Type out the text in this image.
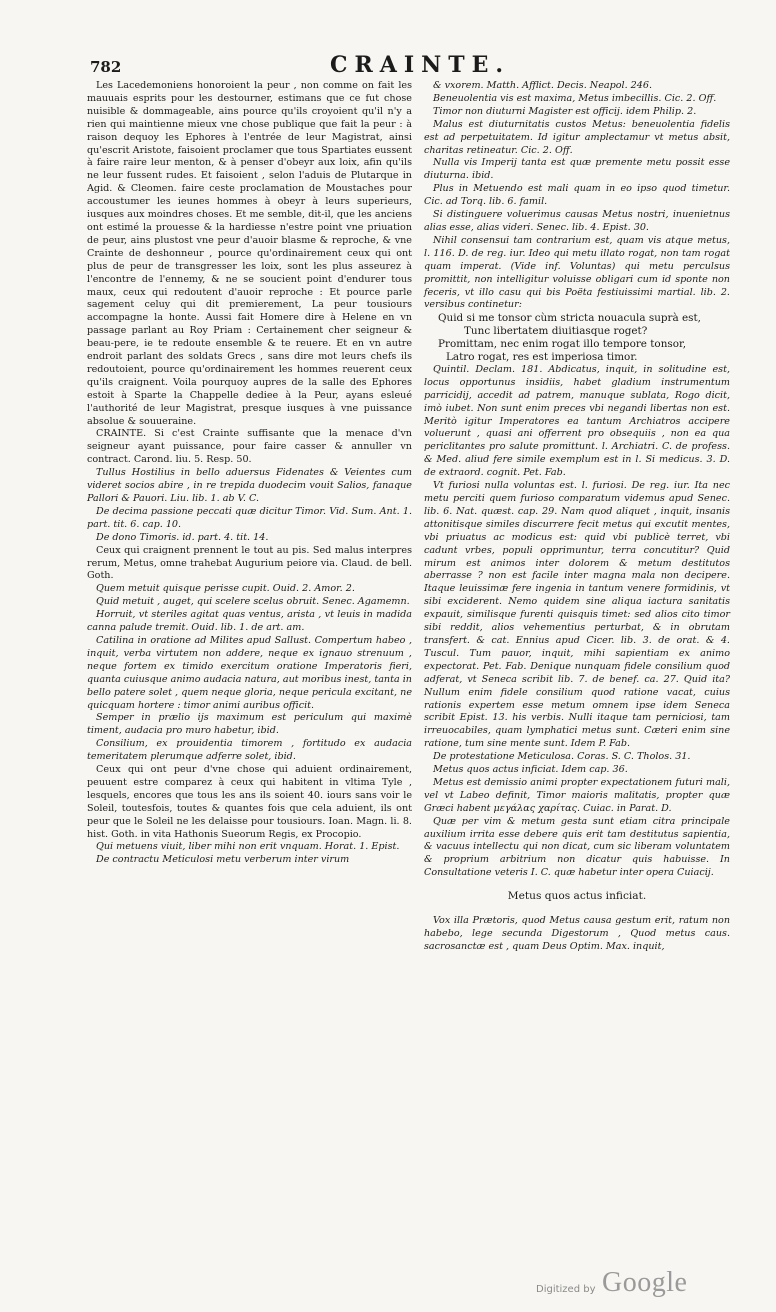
782	CRAINTE.

Les Lacedemoniens honoroient la peur , non comme on fait les mauuais esprits pour les destourner, estimans que ce fut chose nuisible & dommageable, ains pource qu'ils croyoient qu'il n'y a rien qui maintienne mieux vne chose publique que fait la peur : à raison dequoy les Ephores à l'entrée de leur Magistrat, ainsi qu'escrit Aristote, faisoient proclamer que tous Spartiates eussent à faire raire leur menton, & à penser d'obeyr aux loix, afin qu'ils ne leur fussent rudes. Et faisoient , selon l'aduis de Plutarque in Agid. & Cleomen. faire ceste proclamation de Moustaches pour accoustumer les ieunes hommes à obeyr à leurs superieurs, iusques aux moindres choses. Et me semble, dit-il, que les anciens ont estimé la prouesse & la hardiesse n'estre point vne priuation de peur, ains plustost vne peur d'auoir blasme & reproche, & vne Crainte de deshonneur , pource qu'ordinairement ceux qui ont plus de peur de transgresser les loix, sont les plus asseurez à l'encontre de l'ennemy, & ne se soucient point d'endurer tous maux, ceux qui redoutent d'auoir reproche : Et pource parle sagement celuy qui dit premierement, La peur tousiours accompagne la honte. Aussi fait Homere dire à Helene en vn passage parlant au Roy Priam : Certainement cher seigneur & beau-pere, ie te redoute ensemble & te reuere. Et en vn autre endroit parlant des soldats Grecs , sans dire mot leurs chefs ils redoutoient, pource qu'ordinairement les hommes reuerent ceux qu'ils craignent. Voila pourquoy aupres de la salle des Ephores estoit à Sparte la Chappelle dediee à la Peur, ayans esleué l'authorité de leur Magistrat, presque iusques à vne puissance absolue & souueraine.

CRAINTE. Si c'est Crainte suffisante que la menace d'vn seigneur ayant puissance, pour faire casser & annuller vn contract. Carond. liu. 5. Resp. 50.

Tullus Hostilius in bello aduersus Fidenates & Veientes cum videret socios abire , in re trepida duodecim vouit Salios, fanaque Pallori & Pauori. Liu. lib. 1. ab V. C.

De decima passione peccati quæ dicitur Timor. Vid. Sum. Ant. 1. part. tit. 6. cap. 10.

De dono Timoris. id. part. 4. tit. 14.

Ceux qui craignent prennent le tout au pis. Sed malus interpres rerum, Metus, omne trahebat Augurium peiore via. Claud. de bell. Goth.

Quem metuit quisque perisse cupit. Ouid. 2. Amor. 2.

Quid metuit , auget, qui scelere scelus obruit. Senec. Agamemn.

Horruit, vt steriles agitat quas ventus, arista , vt leuis in madida canna palude tremit. Ouid. lib. 1. de art. am.

Catilina in oratione ad Milites apud Sallust. Compertum habeo , inquit, verba virtutem non addere, neque ex ignauo strenuum , neque fortem ex timido exercitum oratione Imperatoris fieri, quanta cuiusque animo audacia natura, aut moribus inest, tanta in bello patere solet , quem neque gloria, neque pericula excitant, ne quicquam hortere : timor animi auribus officit.

Semper in prælio ijs maximum est periculum qui maximè timent, audacia pro muro habetur, ibid.

Consilium, ex prouidentia timorem , fortitudo ex audacia temeritatem plerumque adferre solet, ibid.

Ceux qui ont peur d'vne chose qui aduient ordinairement, peuuent estre comparez à ceux qui habitent in vltima Tyle , lesquels, encores que tous les ans ils soient 40. iours sans voir le Soleil, toutesfois, toutes & quantes fois que cela aduient, ils ont peur que le Soleil ne les delaisse pour tousiours. Ioan. Magn. li. 8. hist. Goth. in vita Hathonis Sueorum Regis, ex Procopio.

Qui metuens viuit, liber mihi non erit vnquam. Horat. 1. Epist.

De contractu Meticulosi metu verberum inter virum

& vxorem. Matth. Afflict. Decis. Neapol. 246.

Beneuolentia vis est maxima, Metus imbecillis. Cic. 2. Off.

Timor non diuturni Magister est officij. idem Philip. 2.

Malus est diuturnitatis custos Metus: beneuolentia fidelis est ad perpetuitatem. Id igitur amplectamur vt metus absit, charitas retineatur. Cic. 2. Off.

Nulla vis Imperij tanta est quæ premente metu possit esse diuturna. ibid.

Plus in Metuendo est mali quam in eo ipso quod timetur. Cic. ad Torq. lib. 6. famil.

Si distinguere voluerimus causas Metus nostri, inuenietnus alias esse, alias videri. Senec. lib. 4. Epist. 30.

Nihil consensui tam contrarium est, quam vis atque metus, l. 116. D. de reg. iur. Ideo qui metu illato rogat, non tam rogat quam imperat. (Vide inf. Voluntas) qui metu perculsus promittit, non intelligitur voluisse obligari cum id sponte non feceris, vt illo casu qui bis Poëta festiuissimi martial. lib. 2. versibus continetur:

Quid si me tonsor cùm stricta nouacula suprà est,

Tunc libertatem diuitiasque roget?

Promittam, nec enim rogat illo tempore tonsor,

Latro rogat, res est imperiosa timor.

Quintil. Declam. 181. Abdicatus, inquit, in solitudine est, locus opportunus insidiis, habet gladium instrumentum parricidij, accedit ad patrem, manuque sublata, Rogo dicit, imò iubet. Non sunt enim preces vbi negandi libertas non est. Meritò igitur Imperatores ea tantum Archiatros accipere voluerunt , quasi ani offerrent pro obsequiis , non ea qua periclitantes pro salute promittunt. l. Archiatri. C. de profess. & Med. aliud fere simile exemplum est in l. Si medicus. 3. D. de extraord. cognit. Pet. Fab.

Vt furiosi nulla voluntas est. l. furiosi. De reg. iur. Ita nec metu perciti quem furioso comparatum videmus apud Senec. lib. 6. Nat. quæst. cap. 29. Nam quod aliquet , inquit, insanis attonitisque similes discurrere fecit metus qui excutit mentes, vbi priuatus ac modicus est: quid vbi publicè terret, vbi cadunt vrbes, populi opprimuntur, terra concutitur? Quid mirum est animos inter dolorem & metum destitutos aberrasse ? non est facile inter magna mala non decipere. Itaque leuissimæ fere ingenia in tantum venere formidinis, vt sibi exciderent. Nemo quidem sine aliqua iactura sanitatis expauit, similisque furenti quisquis timet: sed alios cito timor sibi reddit, alios vehementius perturbat, & in obrutam transfert. & cat. Ennius apud Cicer. lib. 3. de orat. & 4. Tuscul. Tum pauor, inquit, mihi sapientiam ex animo expectorat. Pet. Fab. Denique nunquam fidele consilium quod adferat, vt Seneca scribit lib. 7. de benef. ca. 27. Quid ita? Nullum enim fidele consilium quod ratione vacat, cuius rationis expertem esse metum omnem ipse idem Seneca scribit Epist. 13. his verbis. Nulli itaque tam perniciosi, tam irreuocabiles, quam lymphatici metus sunt. Cæteri enim sine ratione, tum sine mente sunt. Idem P. Fab.

De protestatione Meticulosa. Coras. S. C. Tholos. 31.

Metus quos actus inficiat. Idem cap. 36.

Metus est demissio animi propter expectationem futuri mali, vel vt Labeo definit, Timor maioris malitatis, propter quæ Græci habent μεγάλας χαρίτας. Cuiac. in Parat. D.

Quæ per vim & metum gesta sunt etiam citra principale auxilium irrita esse debere quis erit tam destitutus sapientia, & vacuus intellectu qui non dicat, cum sic liberam voluntatem & proprium arbitrium non dicatur quis habuisse. In Consultatione veteris I. C. quæ habetur inter opera Cuiacij.

Metus quos actus inficiat.

Vox illa Prætoris, quod Metus causa gestum erit, ratum non habebo, lege secunda Digestorum , Quod metus caus. sacrosanctæ est , quam Deus Optim. Max. inquit,

Digitized by Google
